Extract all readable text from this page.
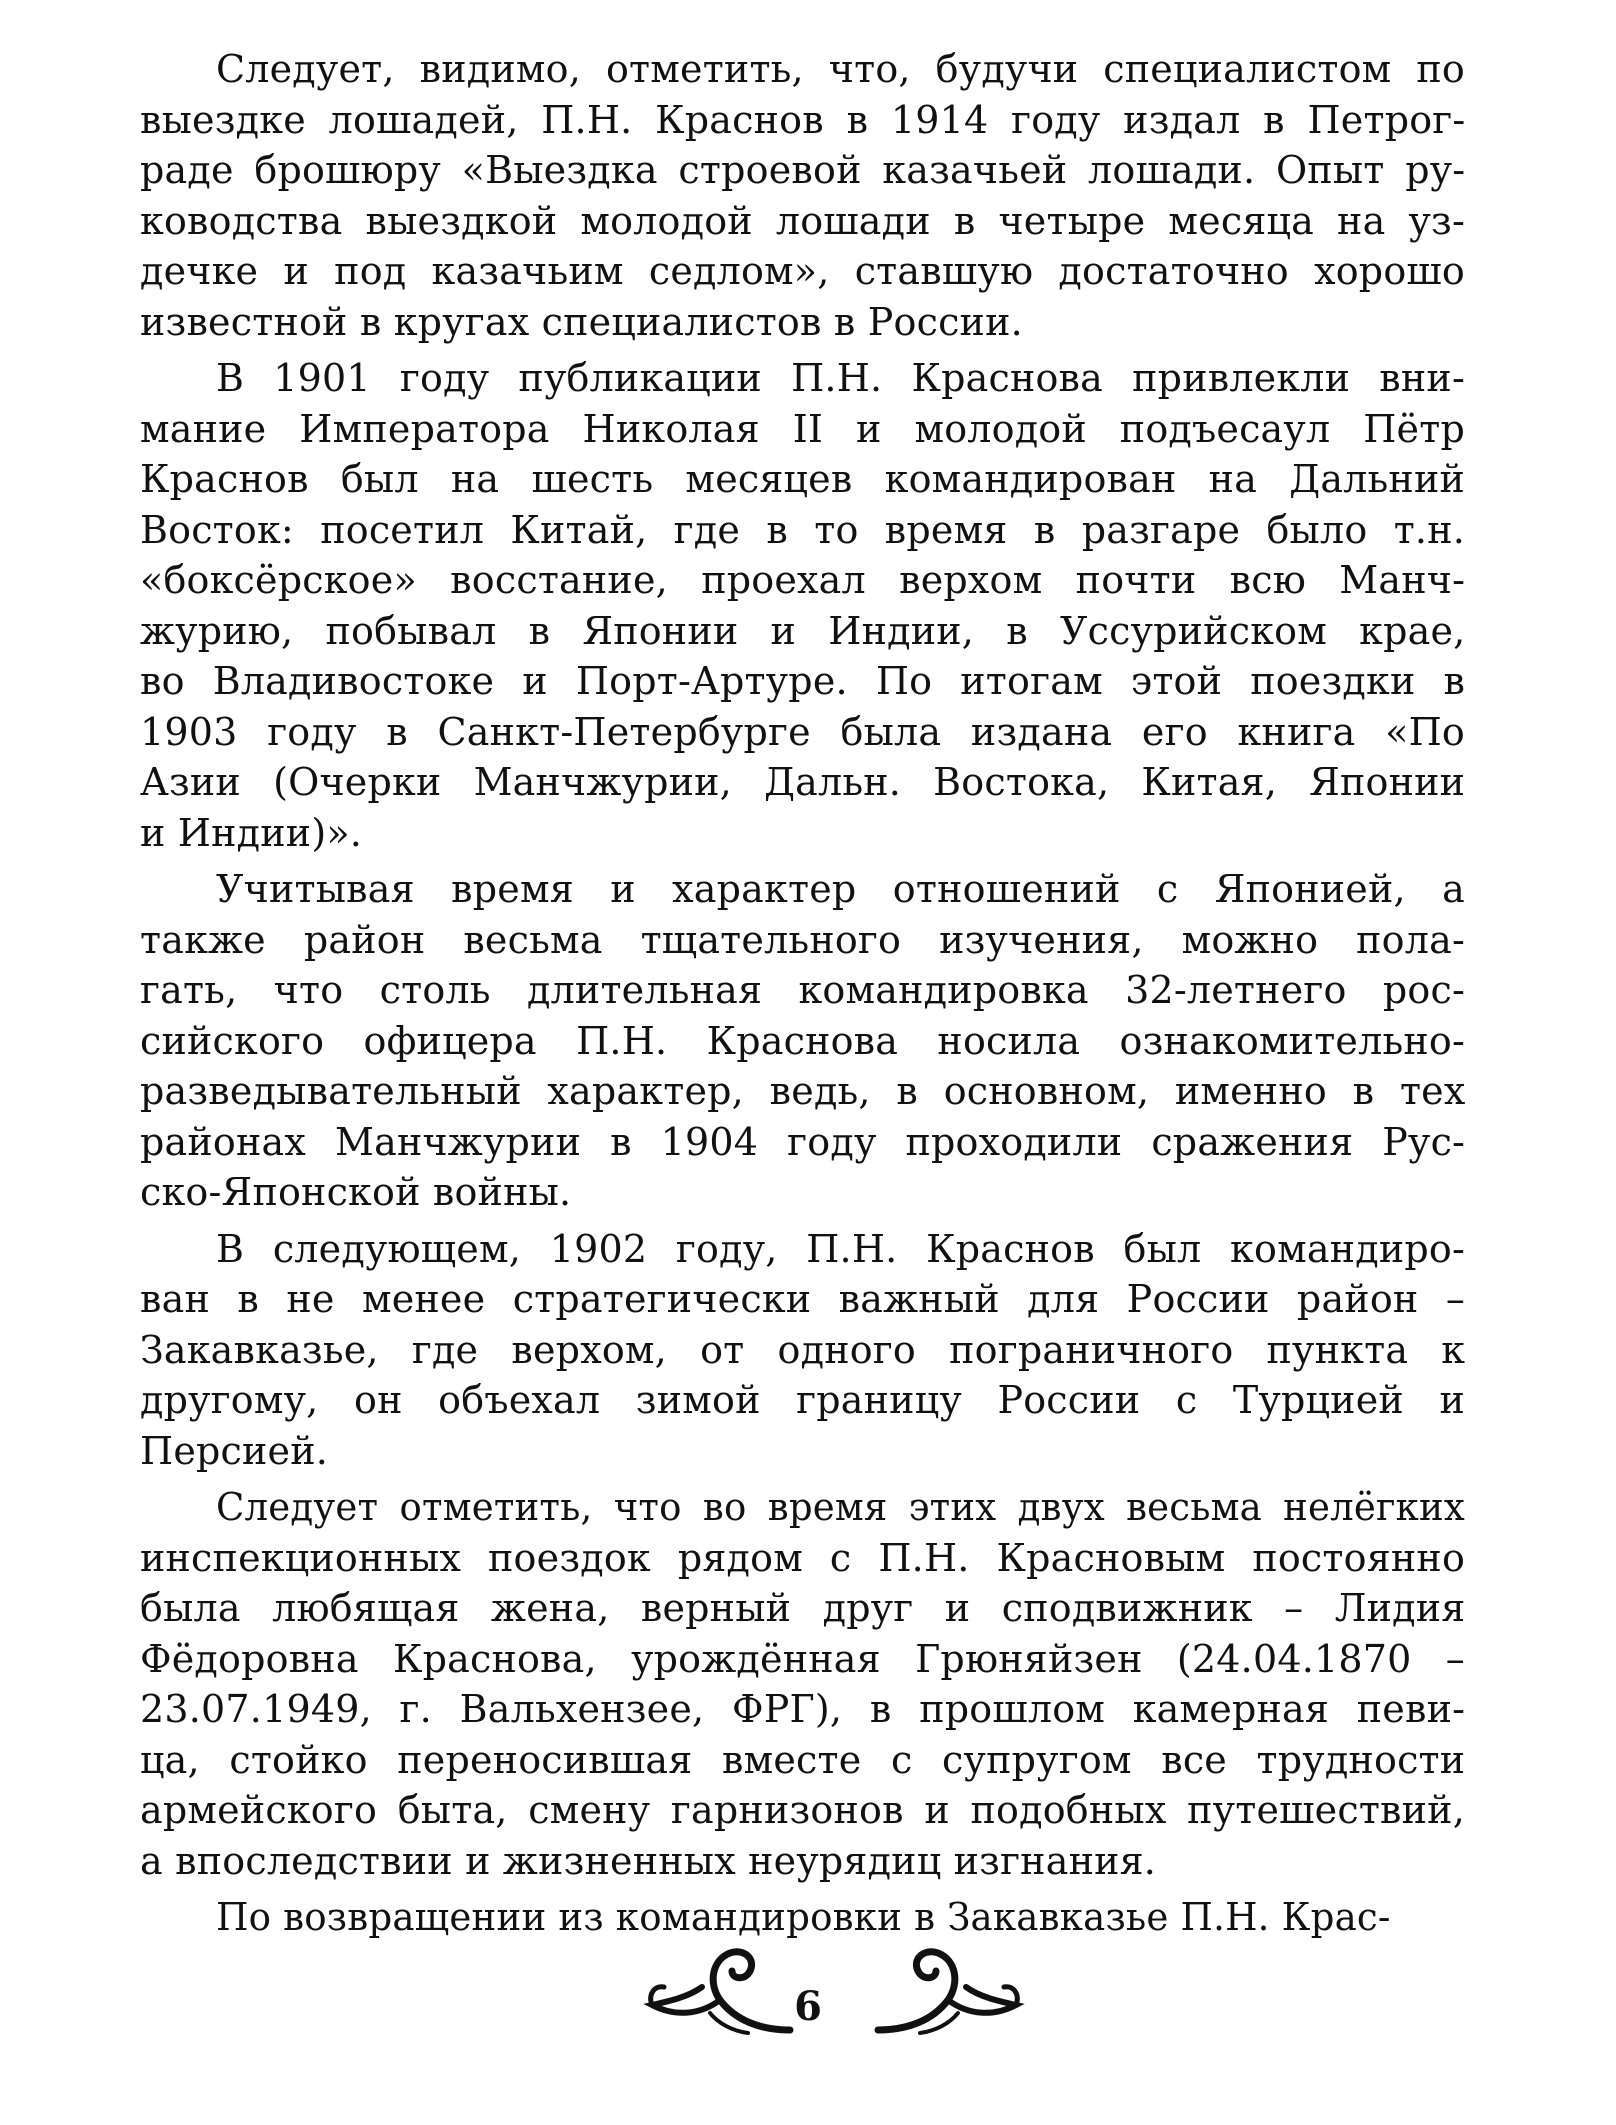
Следует, видимо, отметить, что, будучи специалистом по
выездке лошадей, П.Н. Краснов в 1914 году издал в Петрог-
раде брошюру «Выездка строевой казачьей лошади. Опыт ру-
ководства выездкой молодой лошади в четыре месяца на уз-
дечке и под казачьим седлом», ставшую достаточно хорошо
известной в кругах специалистов в России.

В 1901 году публикации П.Н. Краснова привлекли вни-
мание Императора Николая II и молодой подъесаул Пётр
Краснов был на шесть месяцев командирован на Дальний
Восток: посетил Китай, где в то время в разгаре было т.н.
«боксёрское» восстание, проехал верхом почти всю Манч-
журию, побывал в Японии и Индии, в Уссурийском крае,
во Владивостоке и Порт-Артуре. По итогам этой поездки в
1903 году в Санкт-Петербурге была издана его книга «По
Азии (Очерки Манчжурии, Дальн. Востока, Китая, Японии
и Индии)».

Учитывая время и характер отношений с Японией, а
также район весьма тщательного изучения, можно пола-
гать, что столь длительная командировка 32-летнего рос-
сийского офицера П.Н. Краснова носила ознакомительно-
разведывательный характер, ведь, в основном, именно в тех
районах Манчжурии в 1904 году проходили сражения Рус-
ско-Японской войны.

В следующем, 1902 году, П.Н. Краснов был командиро-
ван в не менее стратегически важный для России район –
Закавказье, где верхом, от одного пограничного пункта к
другому, он объехал зимой границу России с Турцией и
Персией.

Следует отметить, что во время этих двух весьма нелёгких
инспекционных поездок рядом с П.Н. Красновым постоянно
была любящая жена, верный друг и сподвижник – Лидия
Фёдоровна Краснова, урождённая Грюняйзен (24.04.1870 –
23.07.1949, г. Вальхензее, ФРГ), в прошлом камерная певи-
ца, стойко переносившая вместе с супругом все трудности
армейского быта, смену гарнизонов и подобных путешествий,
а впоследствии и жизненных неурядиц изгнания.

По возвращении из командировки в Закавказье П.Н. Крас-

6
